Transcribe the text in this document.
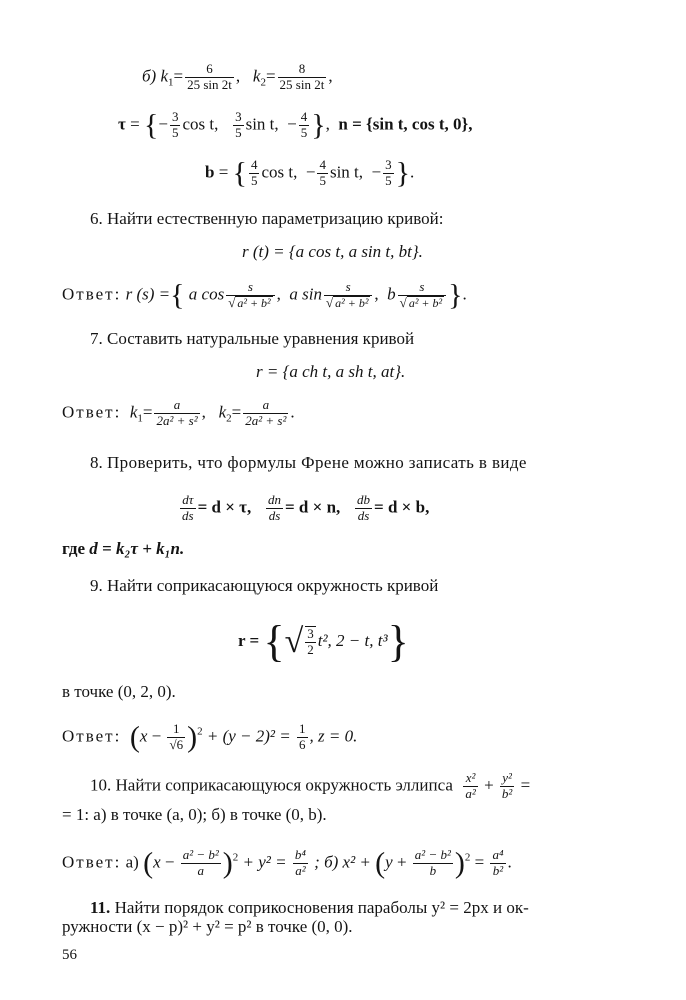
б) $k_1= \frac{6}{25 \sin 2t}$ ,   $k_2= \frac{8}{25 \sin 2t}$ ,
τ = {− $\frac{3}{5}$ cos t, $\frac{3}{5}$ sin t,  − $\frac{4}{5}$ },  n = {sin t, cos t, 0},
b = { $\frac{4}{5}$ cos t,  − $\frac{4}{5}$ sin t,  − $\frac{3}{5}$ }.
6. Найти естественную параметризацию кривой:
r (t) = {a cos t, a sin t, bt}.
Ответ: r (s) ={ a $\cos \frac{s}{\text{√ a² + b²}}$ ,  a $\sin \frac{s}{\text{√ a² + b²}}$ ,  b $\frac{s}{\text{√ a² + b²}}$ }.
7. Составить натуральные уравнения кривой
r = {a ch t, a sh t, at}.
Ответ: $k_1= \frac{a}{\text{2a² + s²}}$ ,   $k_2= \frac{a}{\text{2a² + s²}}$ .
8. Проверить, что формулы Френе можно записать в виде
$\frac{d\tau}{ds} = d \times \tau$, $\frac{dn}{ds} = d \times n$, $\frac{db}{ds} = d \times b$,
где d = k₂τ + k₁n.
9. Найти соприкасающуюся окружность кривой
r = {√ $\frac{3}{2} t^2$, 2 − t, t³}
в точке (0, 2, 0).
Ответ: $(x - \frac{1}{√6} )^2 + (y - 2)^2 = \frac{1}{6}$ , z = 0.
10. Найти соприкасающуюся окружность эллипса $\frac{\text{x²}}{\text{a²}} + \frac{\text{y²}}{\text{b²}}$ =
= 1: а) в точке (a, 0); б) в точке (0, b).
Ответ: а) $(x - \frac{\text{a² − b²}}{a} )^2 + y^2 = \frac{\text{b⁴}}{\text{a²}}$ ; б) $x^2 + (y + \frac{\text{a² − b²}}{b} )^2 = \frac{\text{a⁴}}{\text{b²}}$ .
11. Найти порядок соприкосновения параболы y² = 2px и ок-
ружности (x − p)² + y² = p² в точке (0, 0).
56
